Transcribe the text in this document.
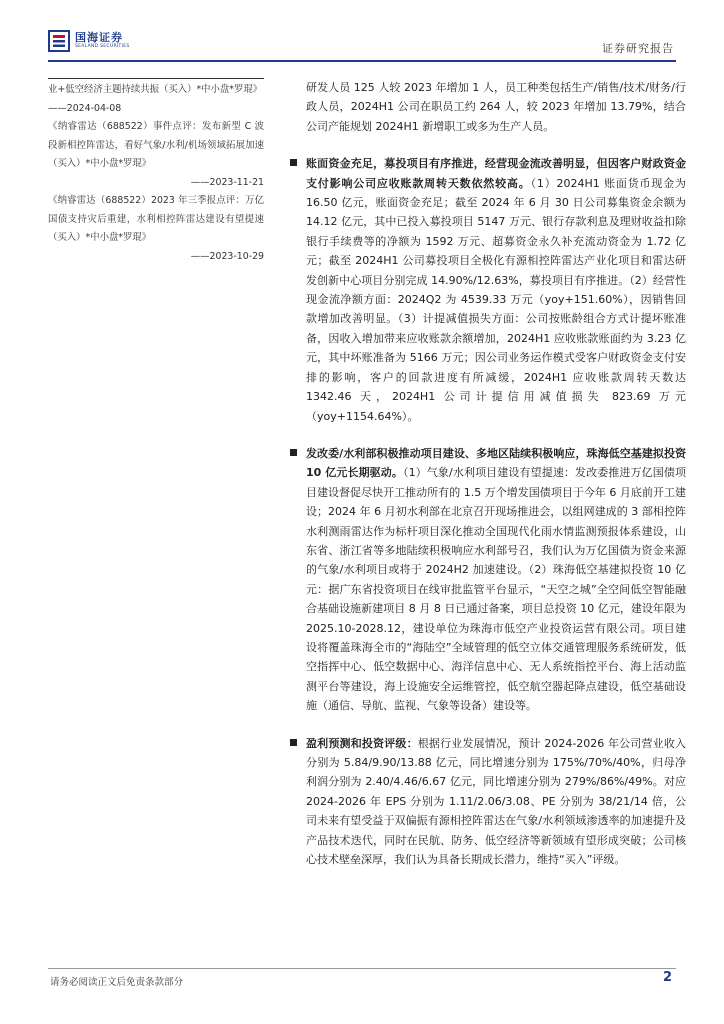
国海证券
SEALAND SECURITIES	证券研究报告

业+低空经济主题持续共振（买入）*中小盘*罗琨》

——2024-04-08

《纳睿雷达（688522）事件点评：发布新型 C 波段新相控阵雷达，看好气象/水利/机场领域拓展加速（买入）*中小盘*罗琨》

——2023-11-21

《纳睿雷达（688522）2023 年三季报点评：万亿国债支持灾后重建，水利相控阵雷达建设有望提速（买入）*中小盘*罗琨》

——2023-10-29

研发人员 125 人较 2023 年增加 1 人，员工种类包括生产/销售/技术/财务/行政人员，2024H1 公司在职员工约 264 人，较 2023 年增加 13.79%，结合公司产能规划 2024H1 新增职工或多为生产人员。

账面资金充足，募投项目有序推进，经营现金流改善明显，但因客户财政资金支付影响公司应收账款周转天数依然较高。（1）2024H1 账面货币现金为 16.50 亿元，账面资金充足；截至 2024 年 6 月 30 日公司募集资金余额为 14.12 亿元，其中已投入募投项目 5147 万元、银行存款利息及理财收益扣除银行手续费等的净额为 1592 万元、超募资金永久补充流动资金为 1.72 亿元；截至 2024H1 公司募投项目全极化有源相控阵雷达产业化项目和雷达研发创新中心项目分别完成 14.90%/12.63%，募投项目有序推进。（2）经营性现金流净额方面：2024Q2 为 4539.33 万元（yoy+151.60%），因销售回款增加改善明显。（3）计提减值损失方面：公司按账龄组合方式计提坏账准备，因收入增加带来应收账款余额增加，2024H1 应收账款账面约为 3.23 亿元，其中坏账准备为 5166 万元；因公司业务运作模式受客户财政资金支付安排的影响，客户的回款进度有所减缓，2024H1 应收账款周转天数达 1342.46 天，2024H1 公司计提信用减值损失 823.69 万元（yoy+1154.64%）。

发改委/水利部积极推动项目建设、多地区陆续积极响应，珠海低空基建拟投资 10 亿元长期驱动。（1）气象/水利项目建设有望提速：发改委推进万亿国债项目建设督促尽快开工推动所有的 1.5 万个增发国债项目于今年 6 月底前开工建设；2024 年 6 月初水利部在北京召开现场推进会，以组网建成的 3 部相控阵水利测雨雷达作为标杆项目深化推动全国现代化雨水情监测预报体系建设，山东省、浙江省等多地陆续积极响应水利部号召，我们认为万亿国债为资金来源的气象/水利项目或将于 2024H2 加速建设。（2）珠海低空基建拟投资 10 亿元：据广东省投资项目在线审批监管平台显示，“天空之城”全空间低空智能融合基础设施新建项目 8 月 8 日已通过备案，项目总投资 10 亿元，建设年限为 2025.10-2028.12，建设单位为珠海市低空产业投资运营有限公司。项目建设将覆盖珠海全市的“海陆空”全域管理的低空立体交通管理服务系统研发，低空指挥中心、低空数据中心、海洋信息中心、无人系统指控平台、海上活动监测平台等建设，海上设施安全运维管控，低空航空器起降点建设，低空基础设施（通信、导航、监视、气象等设备）建设等。

盈利预测和投资评级：根据行业发展情况，预计 2024-2026 年公司营业收入分别为 5.84/9.90/13.88 亿元，同比增速分别为 175%/70%/40%，归母净利润分别为 2.40/4.46/6.67 亿元，同比增速分别为 279%/86%/49%。对应 2024-2026 年 EPS 分别为 1.11/2.06/3.08、PE 分别为 38/21/14 倍，公司未来有望受益于双偏振有源相控阵雷达在气象/水利领域渗透率的加速提升及产品技术迭代，同时在民航、防务、低空经济等新领域有望形成突破；公司核心技术壁垒深厚，我们认为具备长期成长潜力，维持“买入”评级。

请务必阅读正文后免责条款部分	2
